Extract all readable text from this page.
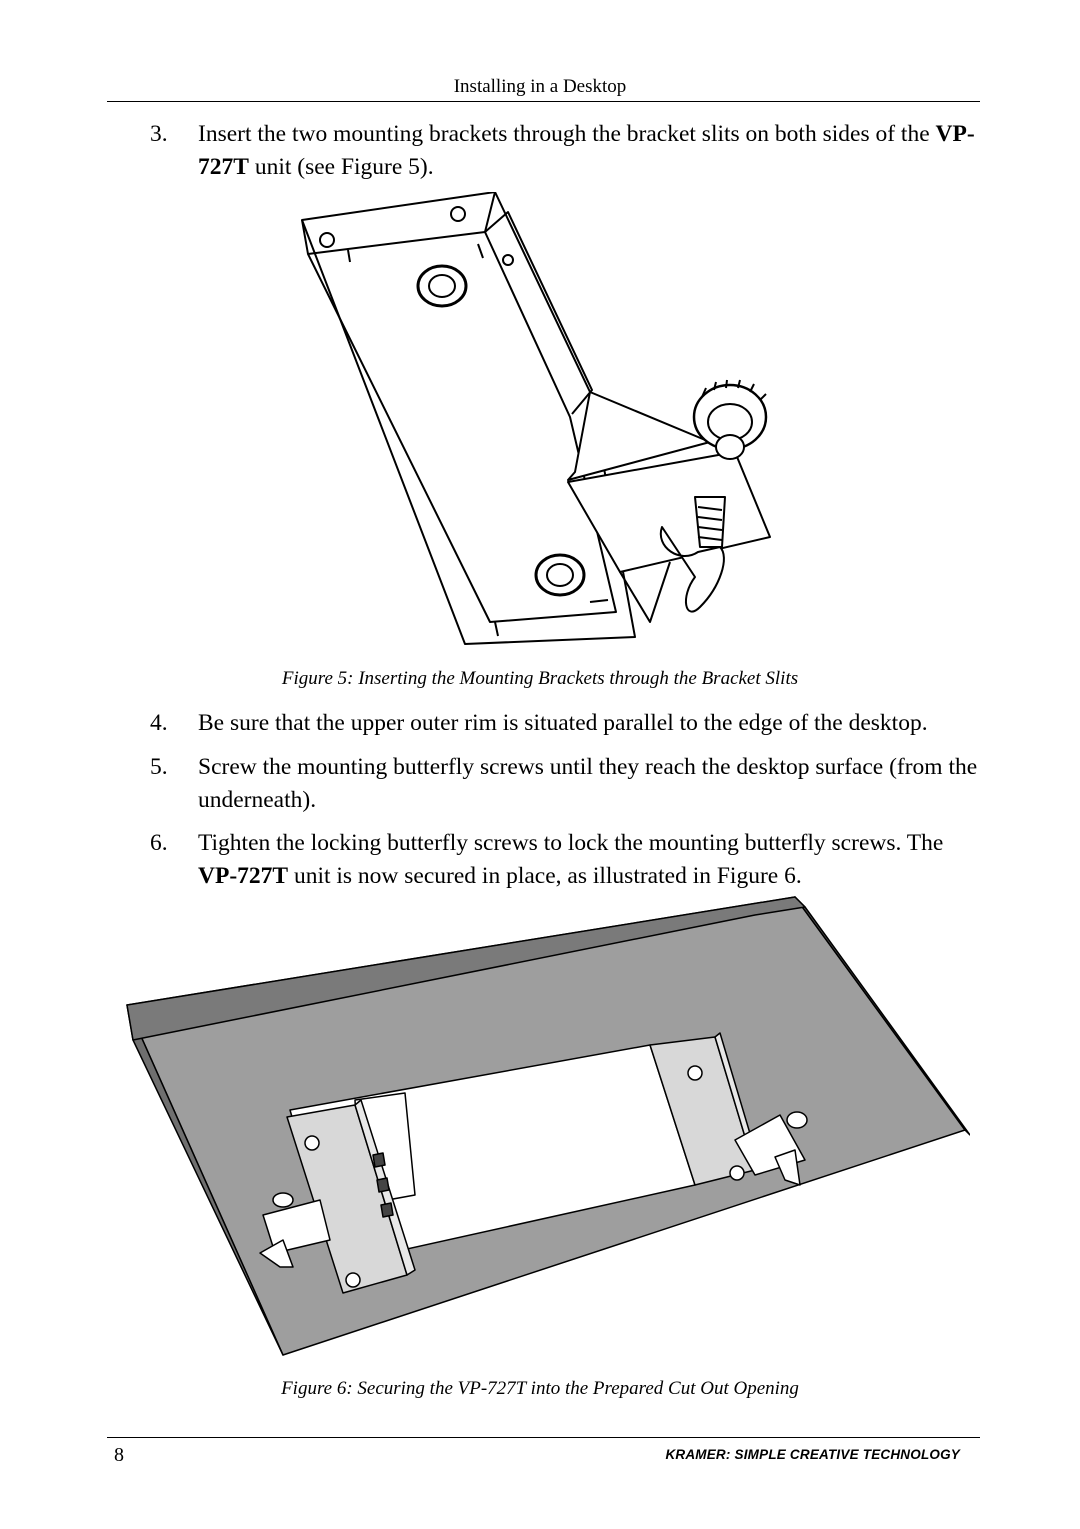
Installing in a Desktop
3. Insert the two mounting brackets through the bracket slits on both sides of the VP-727T unit (see Figure 5).
Figure 5: Inserting the Mounting Brackets through the Bracket Slits
4. Be sure that the upper outer rim is situated parallel to the edge of the desktop.
5. Screw the mounting butterfly screws until they reach the desktop surface (from the underneath).
6. Tighten the locking butterfly screws to lock the mounting butterfly screws. The VP-727T unit is now secured in place, as illustrated in Figure 6.
Figure 6: Securing the VP-727T into the Prepared Cut Out Opening
8	KRAMER: SIMPLE CREATIVE TECHNOLOGY
